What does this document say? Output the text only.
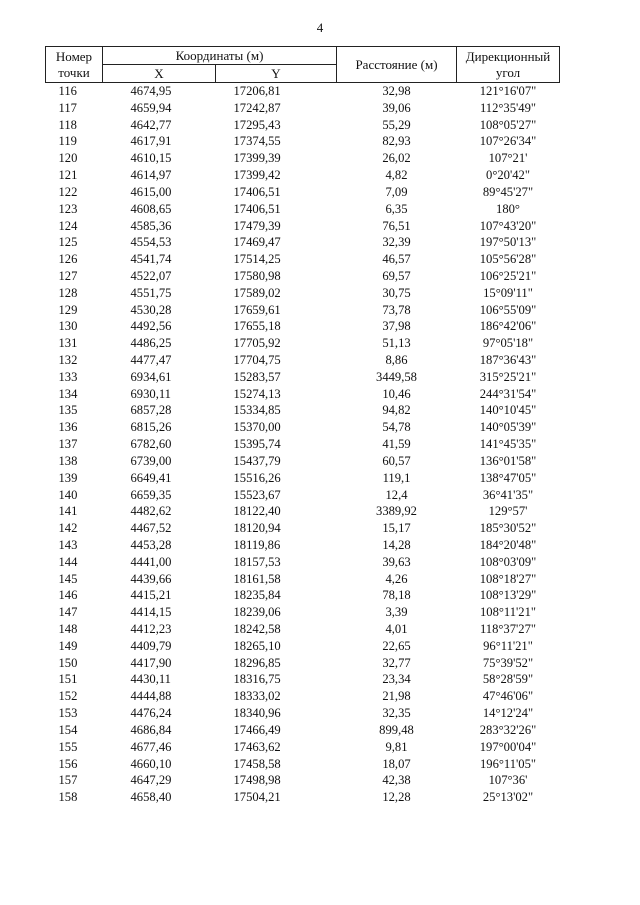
4
Номер точки	Координаты (м)		Расстояние (м)	Дирекционный угол
	X	Y		
116	4674,95	17206,81	32,98	121°16'07"
117	4659,94	17242,87	39,06	112°35'49"
118	4642,77	17295,43	55,29	108°05'27"
119	4617,91	17374,55	82,93	107°26'34"
120	4610,15	17399,39	26,02	107°21'
121	4614,97	17399,42	4,82	0°20'42"
122	4615,00	17406,51	7,09	89°45'27"
123	4608,65	17406,51	6,35	180°
124	4585,36	17479,39	76,51	107°43'20"
125	4554,53	17469,47	32,39	197°50'13"
126	4541,74	17514,25	46,57	105°56'28"
127	4522,07	17580,98	69,57	106°25'21"
128	4551,75	17589,02	30,75	15°09'11"
129	4530,28	17659,61	73,78	106°55'09"
130	4492,56	17655,18	37,98	186°42'06"
131	4486,25	17705,92	51,13	97°05'18"
132	4477,47	17704,75	8,86	187°36'43"
133	6934,61	15283,57	3449,58	315°25'21"
134	6930,11	15274,13	10,46	244°31'54"
135	6857,28	15334,85	94,82	140°10'45"
136	6815,26	15370,00	54,78	140°05'39"
137	6782,60	15395,74	41,59	141°45'35"
138	6739,00	15437,79	60,57	136°01'58"
139	6649,41	15516,26	119,1	138°47'05"
140	6659,35	15523,67	12,4	36°41'35"
141	4482,62	18122,40	3389,92	129°57'
142	4467,52	18120,94	15,17	185°30'52"
143	4453,28	18119,86	14,28	184°20'48"
144	4441,00	18157,53	39,63	108°03'09"
145	4439,66	18161,58	4,26	108°18'27"
146	4415,21	18235,84	78,18	108°13'29"
147	4414,15	18239,06	3,39	108°11'21"
148	4412,23	18242,58	4,01	118°37'27"
149	4409,79	18265,10	22,65	96°11'21"
150	4417,90	18296,85	32,77	75°39'52"
151	4430,11	18316,75	23,34	58°28'59"
152	4444,88	18333,02	21,98	47°46'06"
153	4476,24	18340,96	32,35	14°12'24"
154	4686,84	17466,49	899,48	283°32'26"
155	4677,46	17463,62	9,81	197°00'04"
156	4660,10	17458,58	18,07	196°11'05"
157	4647,29	17498,98	42,38	107°36'
158	4658,40	17504,21	12,28	25°13'02"
